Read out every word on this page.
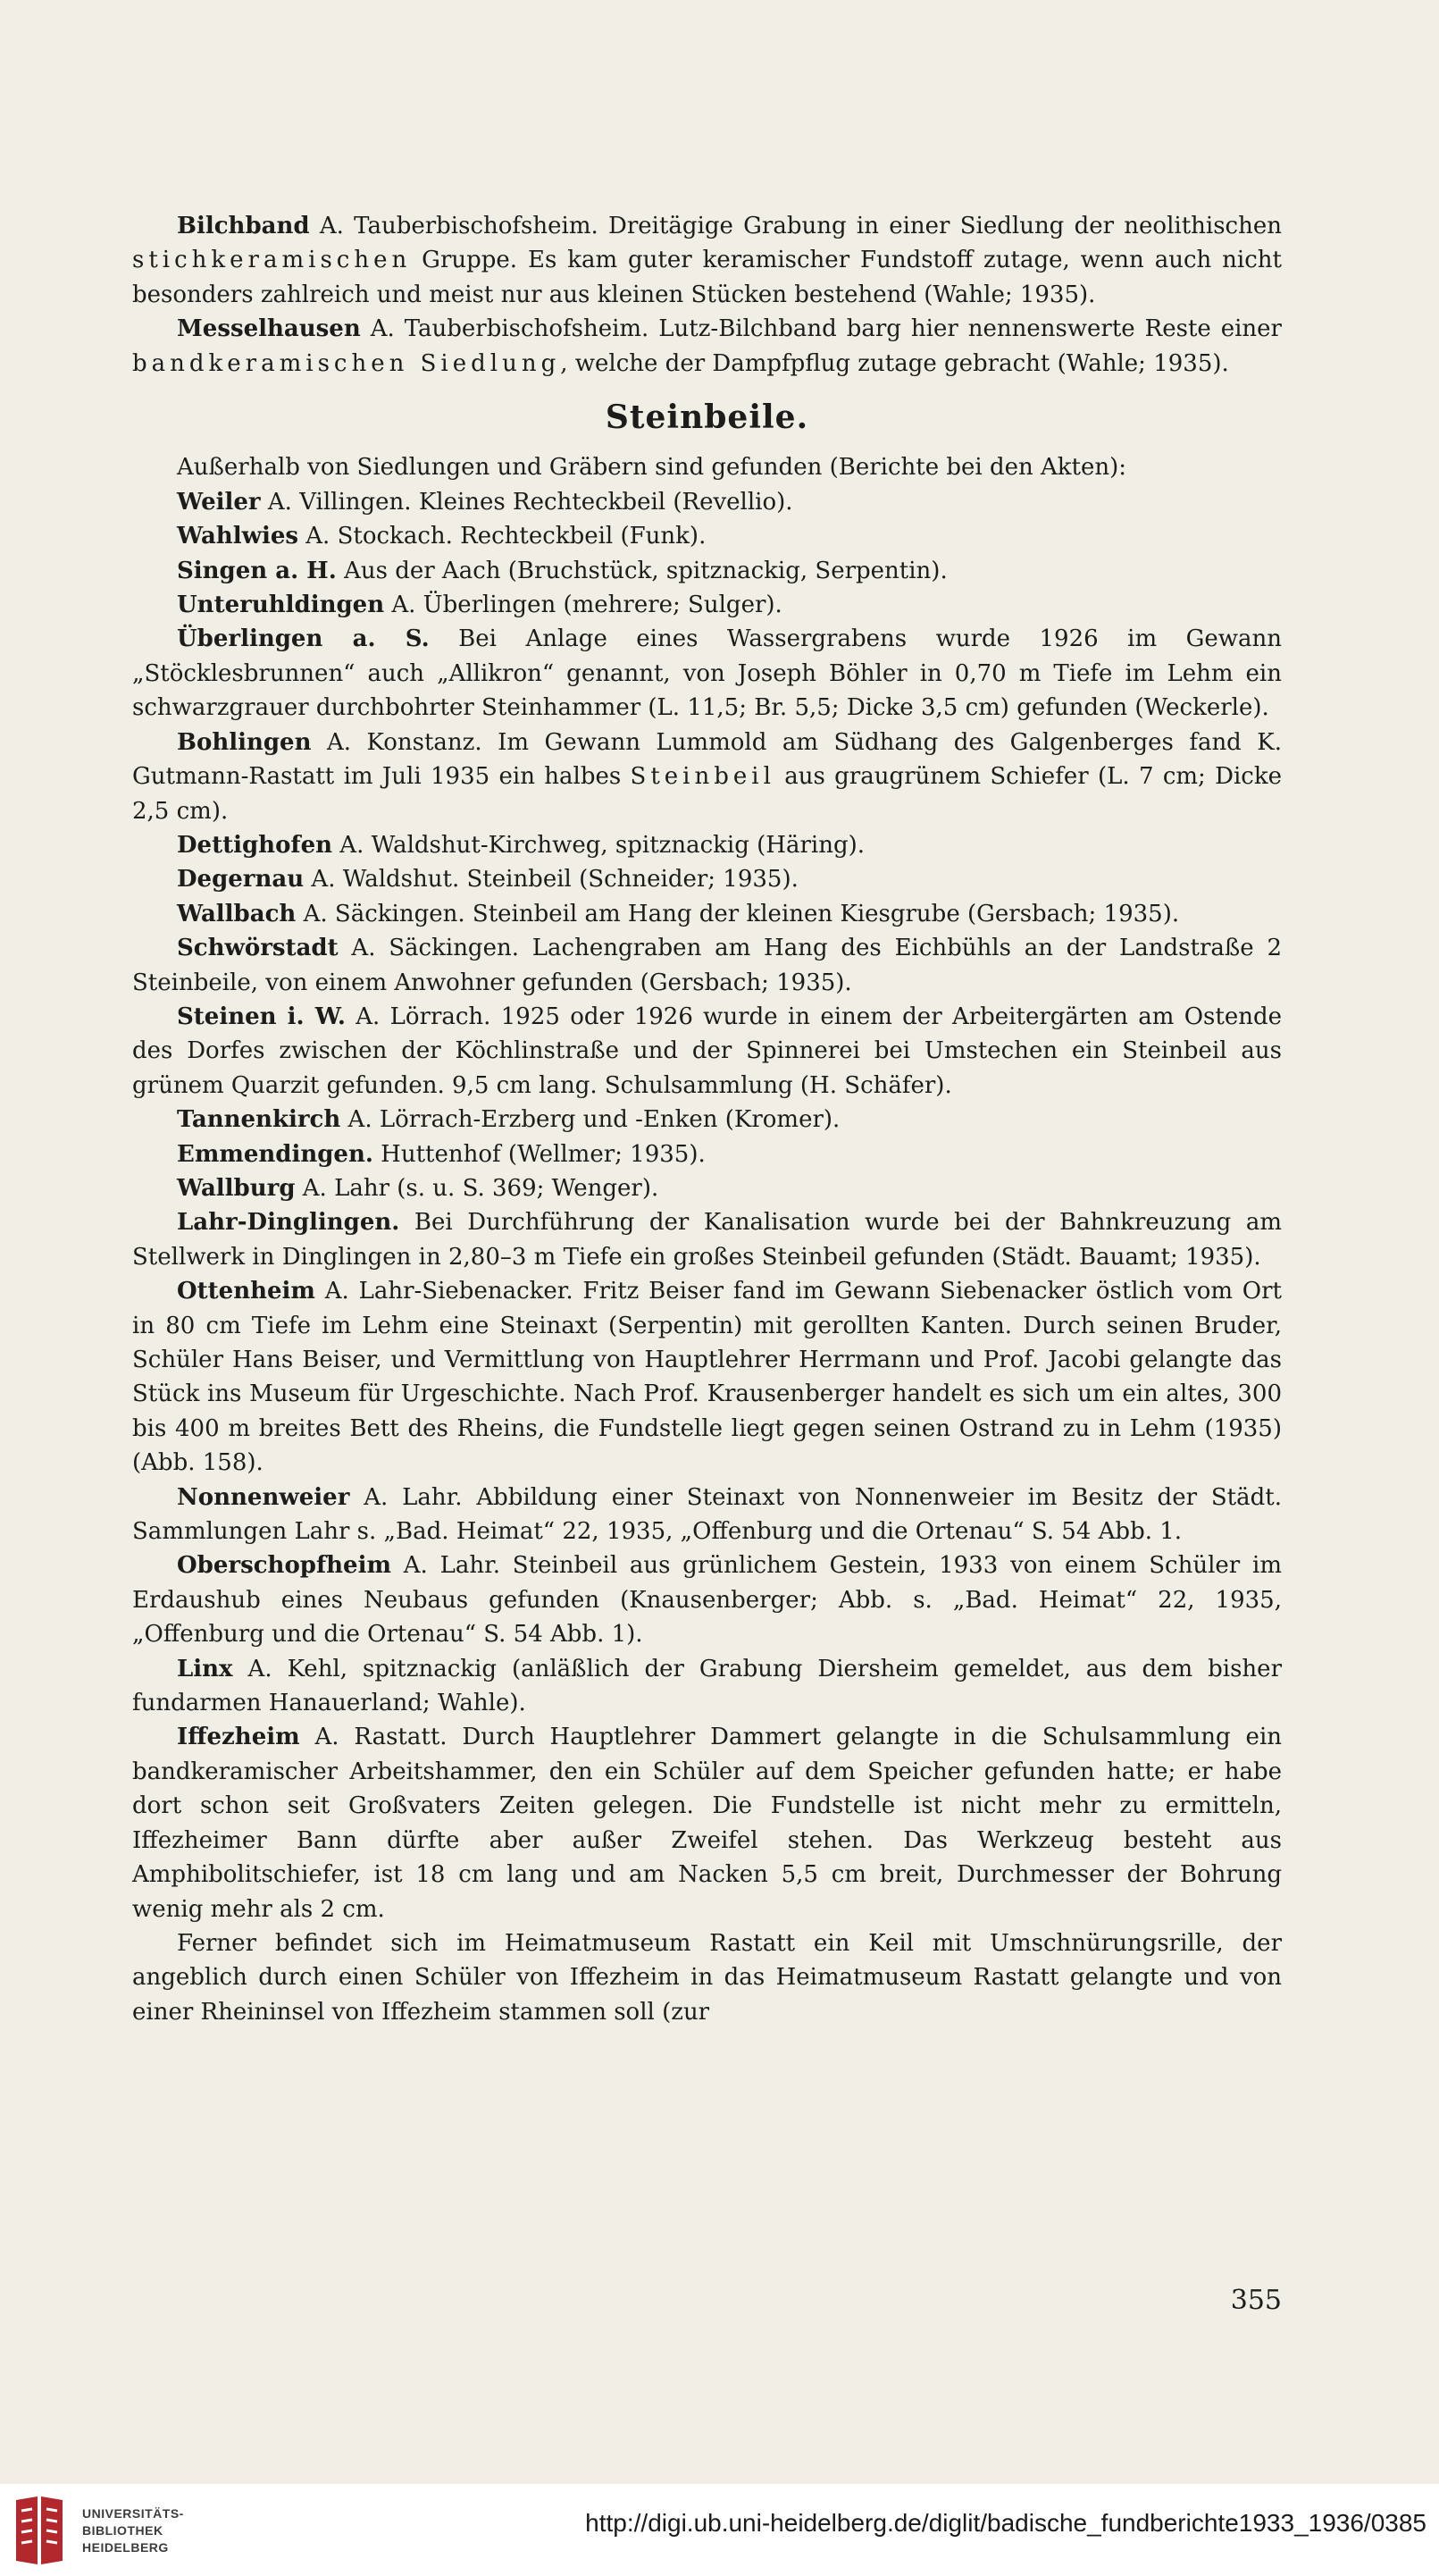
Bilchband A. Tauberbischofsheim. Dreitägige Grabung in einer Siedlung der neolithischen stichkeramischen Gruppe. Es kam guter keramischer Fundstoff zutage, wenn auch nicht besonders zahlreich und meist nur aus kleinen Stücken bestehend (Wahle; 1935).

Messelhausen A. Tauberbischofsheim. Lutz-Bilchband barg hier nennenswerte Reste einer bandkeramischen Siedlung, welche der Dampfpflug zutage gebracht (Wahle; 1935).

Steinbeile.

Außerhalb von Siedlungen und Gräbern sind gefunden (Berichte bei den Akten):

Weiler A. Villingen. Kleines Rechteckbeil (Revellio).

Wahlwies A. Stockach. Rechteckbeil (Funk).

Singen a. H. Aus der Aach (Bruchstück, spitznackig, Serpentin).

Unteruhldingen A. Überlingen (mehrere; Sulger).

Überlingen a. S. Bei Anlage eines Wassergrabens wurde 1926 im Gewann „Stöcklesbrunnen“ auch „Allikron“ genannt, von Joseph Böhler in 0,70 m Tiefe im Lehm ein schwarzgrauer durchbohrter Steinhammer (L. 11,5; Br. 5,5; Dicke 3,5 cm) gefunden (Weckerle).

Bohlingen A. Konstanz. Im Gewann Lummold am Südhang des Galgenberges fand K. Gutmann-Rastatt im Juli 1935 ein halbes Steinbeil aus graugrünem Schiefer (L. 7 cm; Dicke 2,5 cm).

Dettighofen A. Waldshut-Kirchweg, spitznackig (Häring).

Degernau A. Waldshut. Steinbeil (Schneider; 1935).

Wallbach A. Säckingen. Steinbeil am Hang der kleinen Kiesgrube (Gersbach; 1935).

Schwörstadt A. Säckingen. Lachengraben am Hang des Eichbühls an der Landstraße 2 Steinbeile, von einem Anwohner gefunden (Gersbach; 1935).

Steinen i. W. A. Lörrach. 1925 oder 1926 wurde in einem der Arbeitergärten am Ostende des Dorfes zwischen der Köchlinstraße und der Spinnerei bei Umstechen ein Steinbeil aus grünem Quarzit gefunden. 9,5 cm lang. Schulsammlung (H. Schäfer).

Tannenkirch A. Lörrach-Erzberg und -Enken (Kromer).

Emmendingen. Huttenhof (Wellmer; 1935).

Wallburg A. Lahr (s. u. S. 369; Wenger).

Lahr-Dinglingen. Bei Durchführung der Kanalisation wurde bei der Bahnkreuzung am Stellwerk in Dinglingen in 2,80–3 m Tiefe ein großes Steinbeil gefunden (Städt. Bauamt; 1935).

Ottenheim A. Lahr-Siebenacker. Fritz Beiser fand im Gewann Siebenacker östlich vom Ort in 80 cm Tiefe im Lehm eine Steinaxt (Serpentin) mit gerollten Kanten. Durch seinen Bruder, Schüler Hans Beiser, und Vermittlung von Hauptlehrer Herrmann und Prof. Jacobi gelangte das Stück ins Museum für Urgeschichte. Nach Prof. Krausenberger handelt es sich um ein altes, 300 bis 400 m breites Bett des Rheins, die Fundstelle liegt gegen seinen Ostrand zu in Lehm (1935) (Abb. 158).

Nonnenweier A. Lahr. Abbildung einer Steinaxt von Nonnenweier im Besitz der Städt. Sammlungen Lahr s. „Bad. Heimat“ 22, 1935, „Offenburg und die Ortenau“ S. 54 Abb. 1.

Oberschopfheim A. Lahr. Steinbeil aus grünlichem Gestein, 1933 von einem Schüler im Erdaushub eines Neubaus gefunden (Knausenberger; Abb. s. „Bad. Heimat“ 22, 1935, „Offenburg und die Ortenau“ S. 54 Abb. 1).

Linx A. Kehl, spitznackig (anläßlich der Grabung Diersheim gemeldet, aus dem bisher fundarmen Hanauerland; Wahle).

Iffezheim A. Rastatt. Durch Hauptlehrer Dammert gelangte in die Schulsammlung ein bandkeramischer Arbeitshammer, den ein Schüler auf dem Speicher gefunden hatte; er habe dort schon seit Großvaters Zeiten gelegen. Die Fundstelle ist nicht mehr zu ermitteln, Iffezheimer Bann dürfte aber außer Zweifel stehen. Das Werkzeug besteht aus Amphibolitschiefer, ist 18 cm lang und am Nacken 5,5 cm breit, Durchmesser der Bohrung wenig mehr als 2 cm.

Ferner befindet sich im Heimatmuseum Rastatt ein Keil mit Umschnürungsrille, der angeblich durch einen Schüler von Iffezheim in das Heimatmuseum Rastatt gelangte und von einer Rheininsel von Iffezheim stammen soll (zur

355
UNIVERSITÄTS-
BIBLIOTHEK
HEIDELBERG
http://digi.ub.uni-heidelberg.de/diglit/badische_fundberichte1933_1936/0385
